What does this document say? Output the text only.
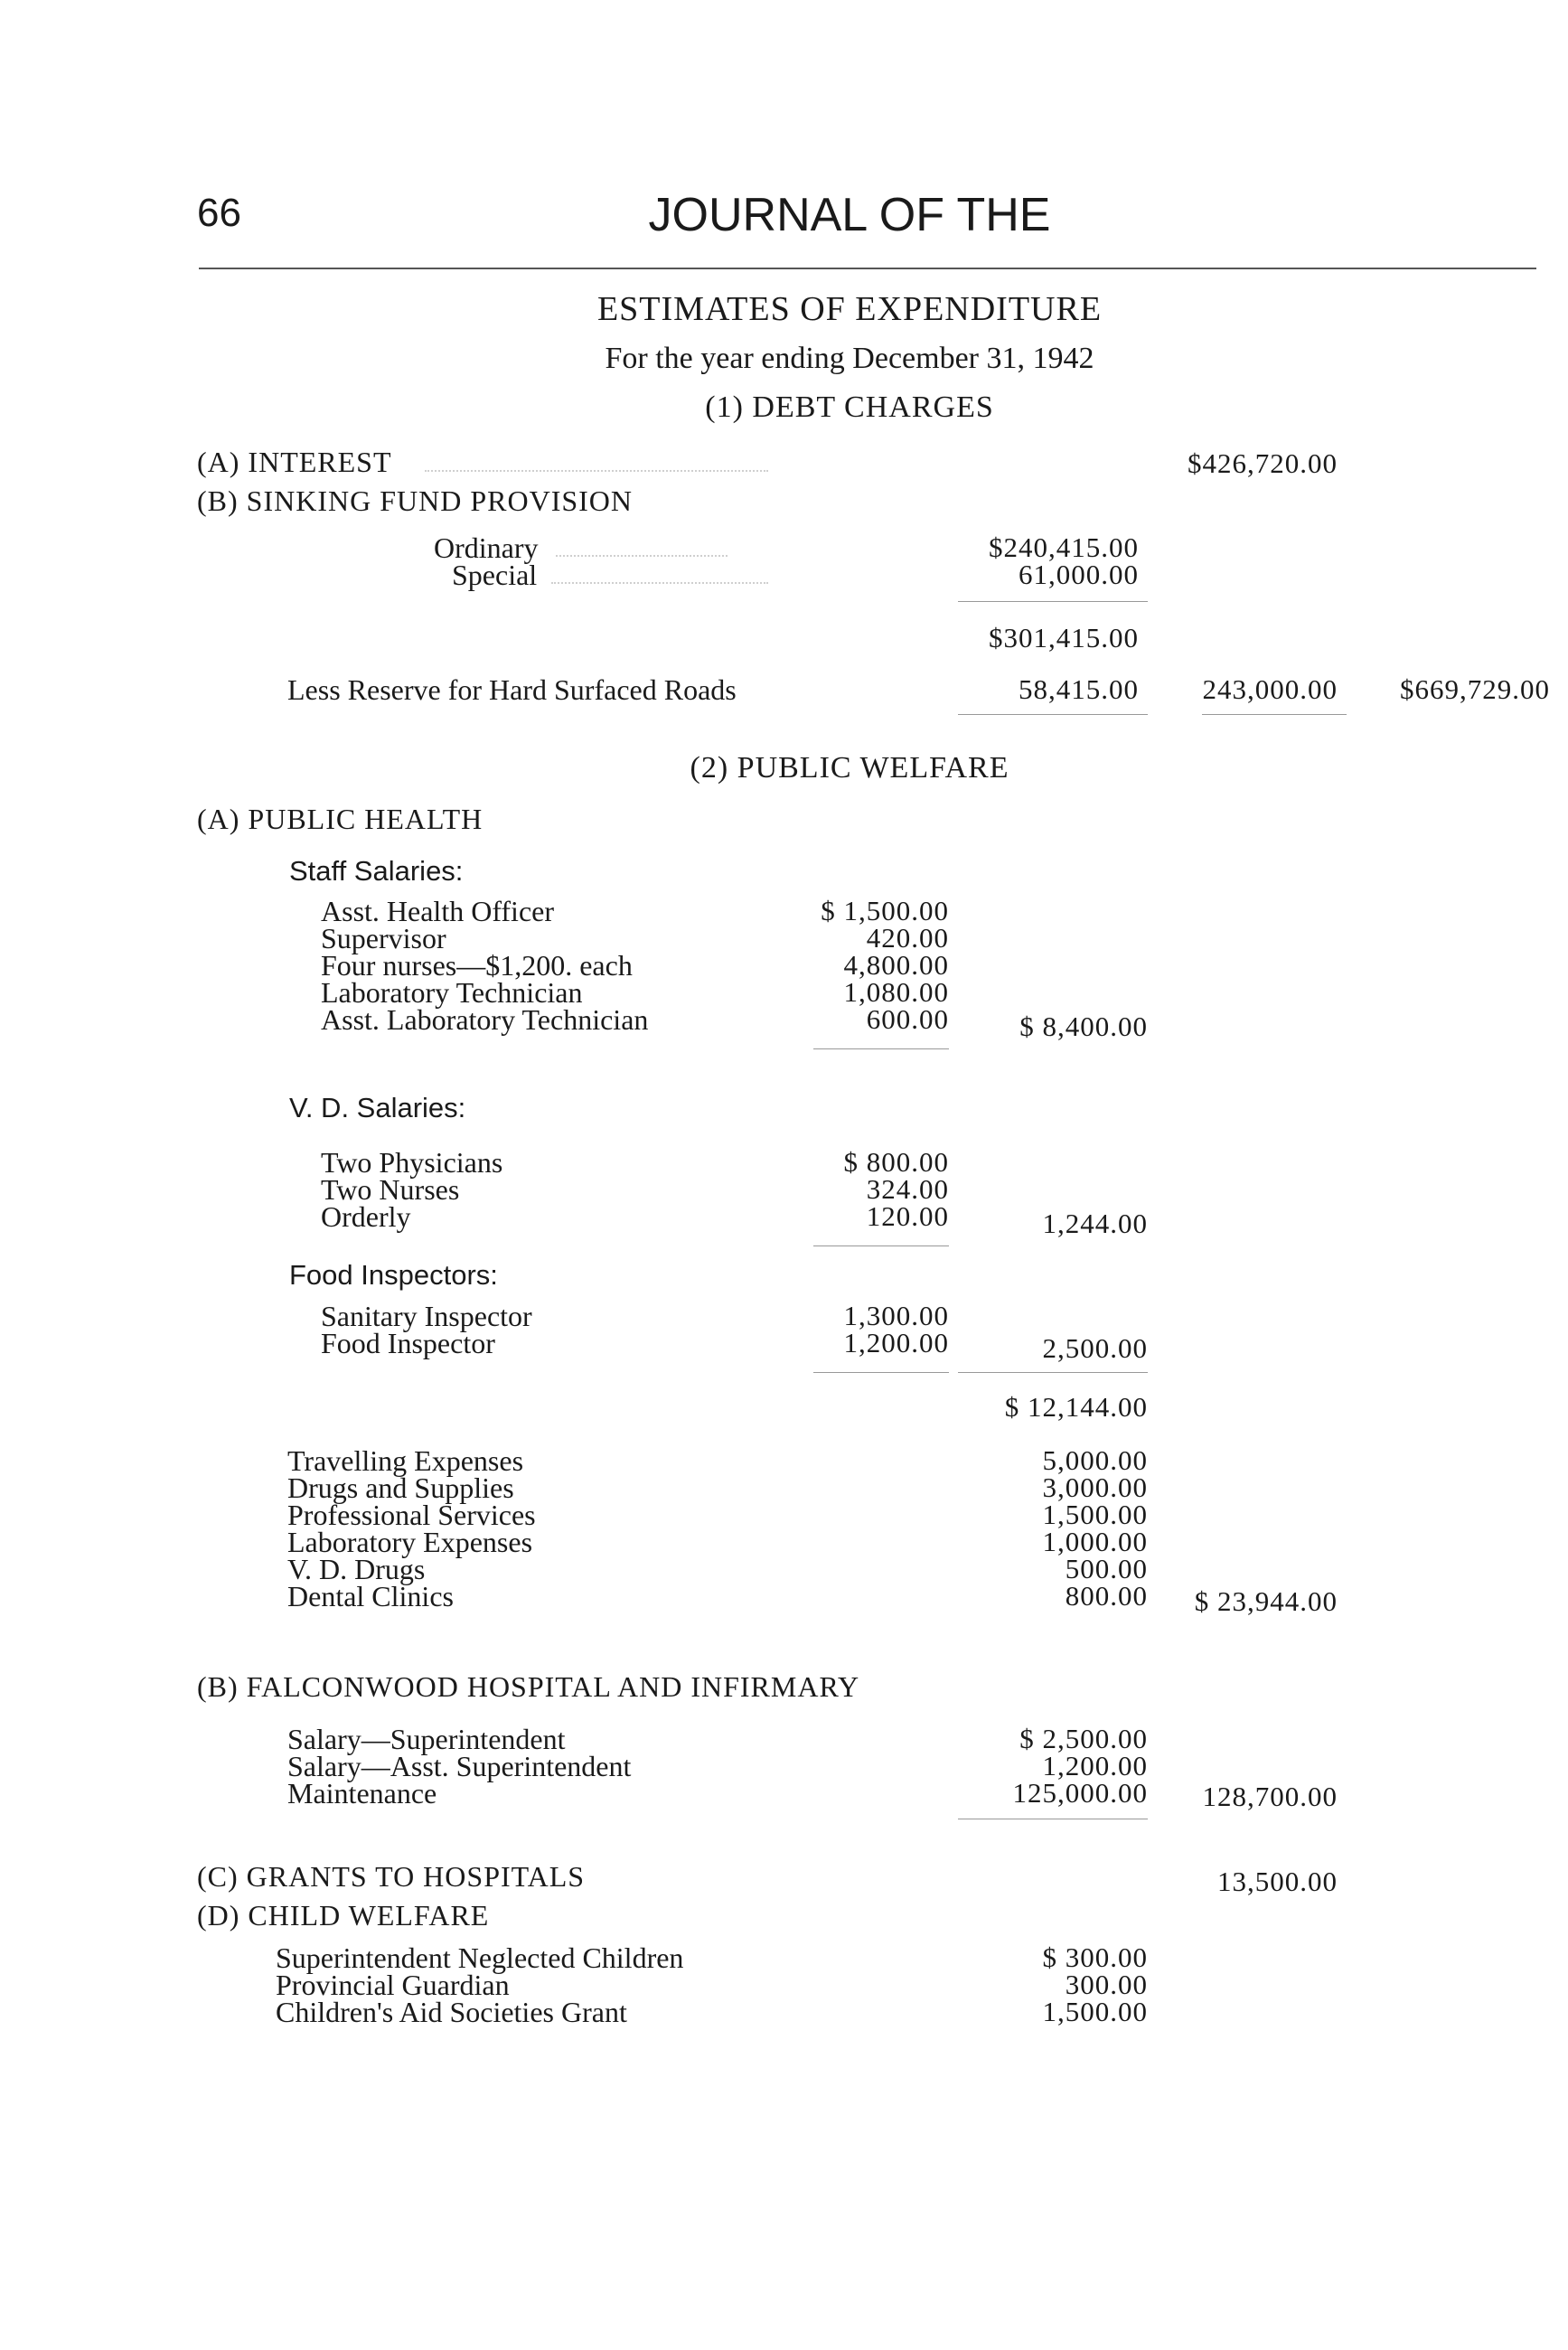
66	JOURNAL OF THE
ESTIMATES OF EXPENDITURE
For the year ending December 31, 1942
(1) DEBT CHARGES
(A) INTEREST	$426,720.00
(B) SINKING FUND PROVISION
Ordinary	$240,415.00
Special	61,000.00
$301,415.00
Less Reserve for Hard Surfaced Roads	58,415.00	243,000.00	$669,729.00
(2) PUBLIC WELFARE
(A) PUBLIC HEALTH
Staff Salaries:
Asst. Health Officer	$ 1,500.00
Supervisor	420.00
Four nurses—$1,200. each	4,800.00
Laboratory Technician	1,080.00
Asst. Laboratory Technician	600.00	$ 8,400.00
V. D. Salaries:
Two Physicians	$ 800.00
Two Nurses	324.00
Orderly	120.00	1,244.00
Food Inspectors:
Sanitary Inspector	1,300.00
Food Inspector	1,200.00	2,500.00
$ 12,144.00
Travelling Expenses	5,000.00
Drugs and Supplies	3,000.00
Professional Services	1,500.00
Laboratory Expenses	1,000.00
V. D. Drugs	500.00
Dental Clinics	800.00	$ 23,944.00
(B) FALCONWOOD HOSPITAL AND INFIRMARY
Salary—Superintendent	$ 2,500.00
Salary—Asst. Superintendent	1,200.00
Maintenance	125,000.00	128,700.00
(C) GRANTS TO HOSPITALS	13,500.00
(D) CHILD WELFARE
Superintendent Neglected Children	$ 300.00
Provincial Guardian	300.00
Children's Aid Societies Grant	1,500.00
